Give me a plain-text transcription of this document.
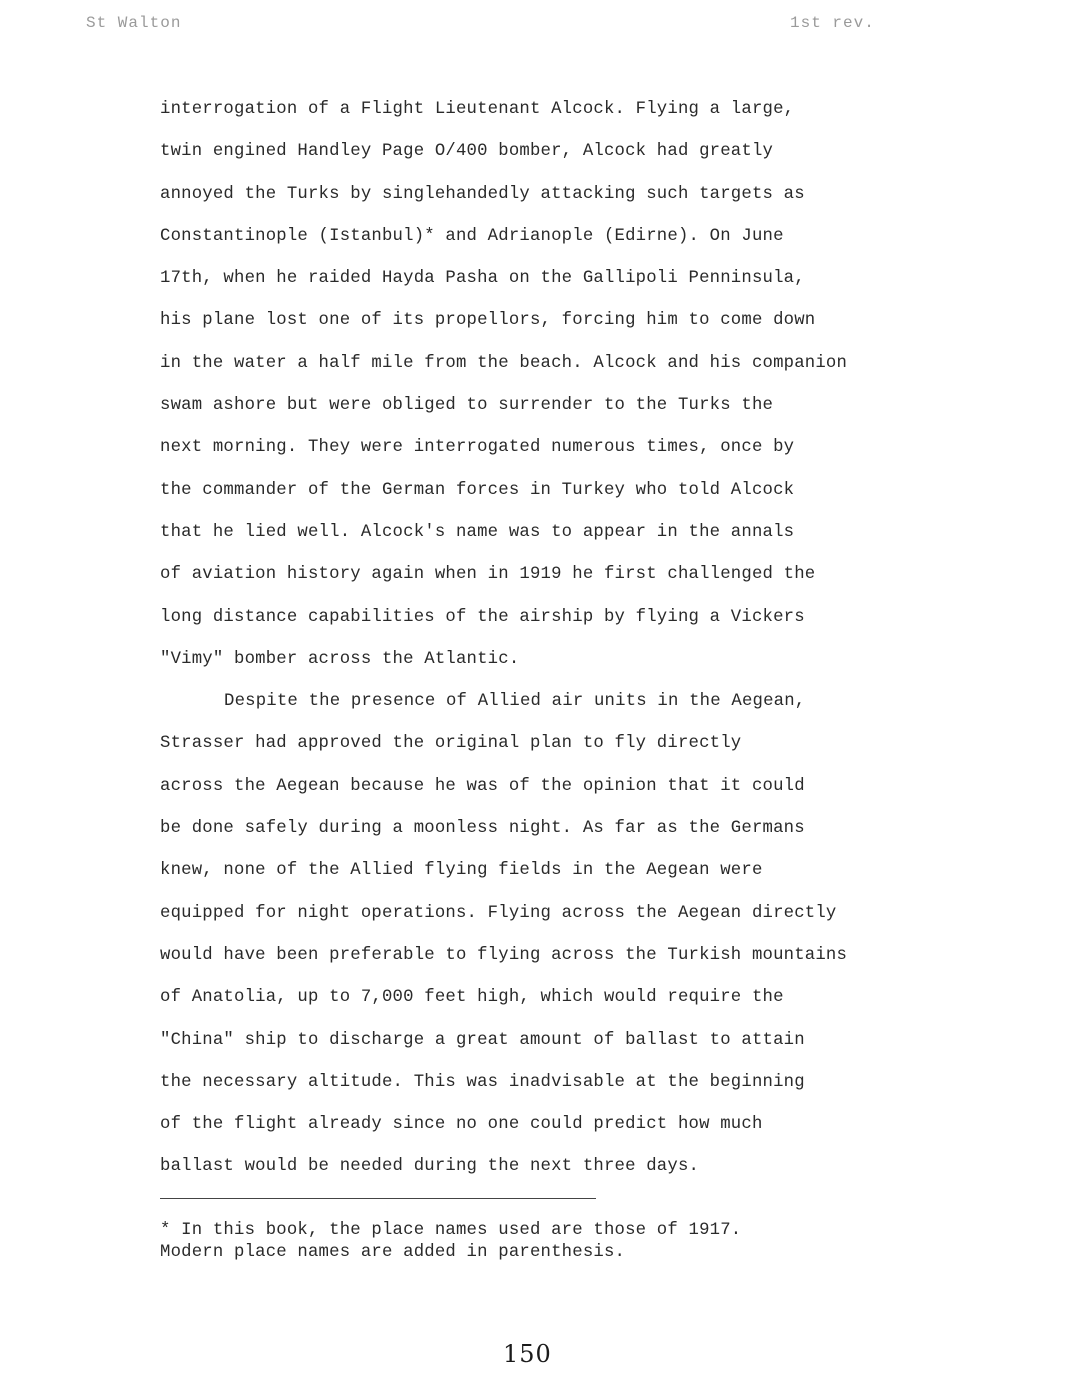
St Walton	1st rev.
interrogation of a Flight Lieutenant Alcock. Flying a large,
twin engined Handley Page O/400 bomber, Alcock had greatly
annoyed the Turks by singlehandedly attacking such targets as
Constantinople (Istanbul)* and Adrianople (Edirne). On June
17th, when he raided Hayda Pasha on the Gallipoli Penninsula,
his plane lost one of its propellors, forcing him to come down
in the water a half mile from the beach. Alcock and his companion
swam ashore but were obliged to surrender to the Turks the
next morning. They were interrogated numerous times, once by
the commander of the German forces in Turkey who told Alcock
that he lied well. Alcock's name was to appear in the annals
of aviation history again when in 1919 he first challenged the
long distance capabilities of the airship by flying a Vickers
"Vimy" bomber across the Atlantic.
Despite the presence of Allied air units in the Aegean,
Strasser had approved the original plan to fly directly
across the Aegean because he was of the opinion that it could
be done safely during a moonless night. As far as the Germans
knew, none of the Allied flying fields in the Aegean were
equipped for night operations. Flying across the Aegean directly
would have been preferable to flying across the Turkish mountains
of Anatolia, up to 7,000 feet high, which would require the
"China" ship to discharge a great amount of ballast to attain
the necessary altitude. This was inadvisable at the beginning
of the flight already since no one could predict how much
ballast would be needed during the next three days.
* In this book, the place names used are those of 1917.
Modern place names are added in parenthesis.
150
